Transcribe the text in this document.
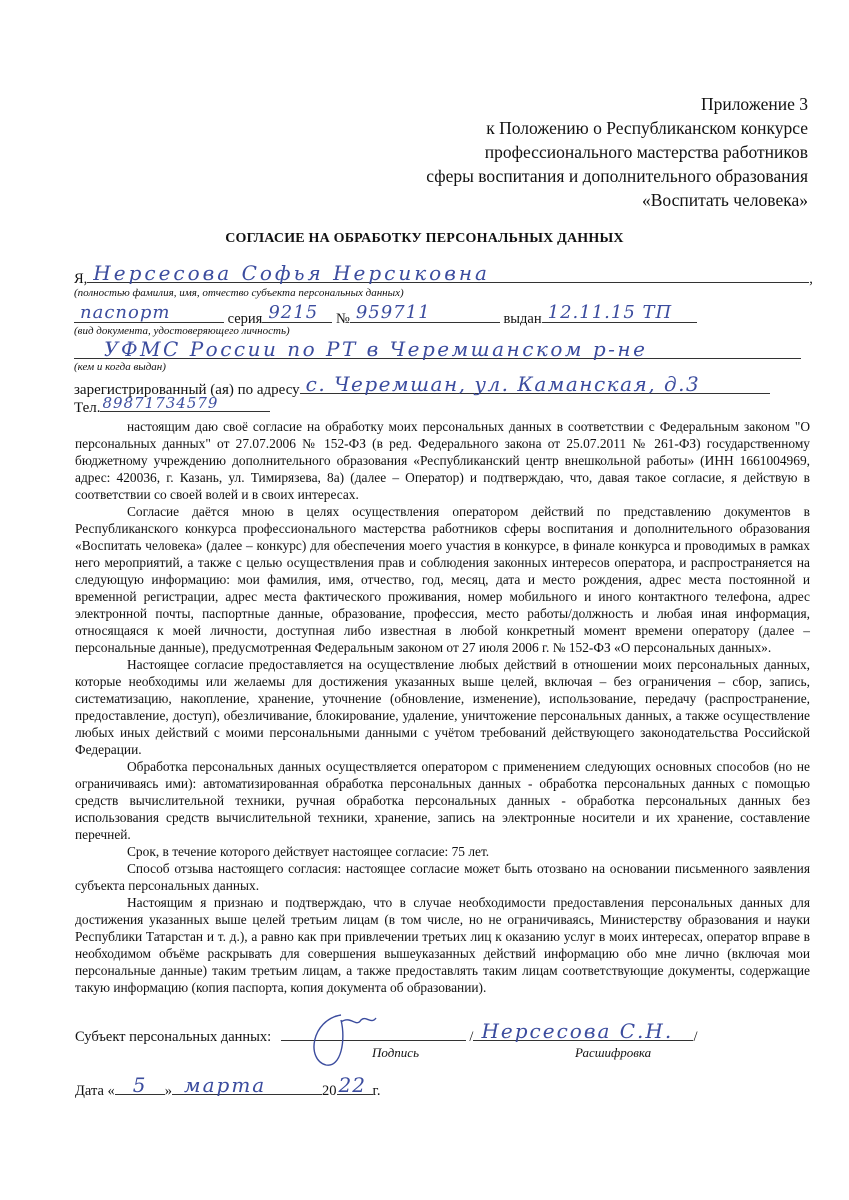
Приложение 3
к Положению о Республиканском конкурсе
профессионального мастерства работников
сферы воспитания и дополнительного образования
«Воспитать человека»
СОГЛАСИЕ НА ОБРАБОТКУ ПЕРСОНАЛЬНЫХ ДАННЫХ
Я, Нерсесова Софья Нерсиковна	,
(полностью фамилия, имя, отчество субъекта персональных данных)
паспорт	серия 9215 № 959711	выдан 12.11.15 ТП
(вид документа, удостоверяющего личность)
УФМС России по РТ в Черемшанском р-не
(кем и когда выдан)
зарегистрированный (ая) по адресу с. Черемшан, ул. Каманская, д.3
Тел. 89871734579

настоящим даю своё согласие на обработку моих персональных данных в соответствии с Федеральным законом "О персональных данных" от 27.07.2006 № 152-ФЗ (в ред. Федерального закона от 25.07.2011 № 261-ФЗ) государственному бюджетному учреждению дополнительного образования «Республиканский центр внешкольной работы» (ИНН 1661004969, адрес: 420036, г. Казань, ул. Тимирязева, 8а) (далее – Оператор) и подтверждаю, что, давая такое согласие, я действую в соответствии со своей волей и в своих интересах.

Согласие даётся мною в целях осуществления оператором действий по представлению документов в Республиканского конкурса профессионального мастерства работников сферы воспитания и дополнительного образования «Воспитать человека» (далее – конкурс) для обеспечения моего участия в конкурсе, в финале конкурса и проводимых в рамках него мероприятий, а также с целью осуществления прав и соблюдения законных интересов оператора, и распространяется на следующую информацию: мои фамилия, имя, отчество, год, месяц, дата и место рождения, адрес места постоянной и временной регистрации, адрес места фактического проживания, номер мобильного и иного контактного телефона, адрес электронной почты, паспортные данные, образование, профессия, место работы/должность и любая иная информация, относящаяся к моей личности, доступная либо известная в любой конкретный момент времени оператору (далее – персональные данные), предусмотренная Федеральным законом от 27 июля 2006 г. № 152-ФЗ «О персональных данных».

Настоящее согласие предоставляется на осуществление любых действий в отношении моих персональных данных, которые необходимы или желаемы для достижения указанных выше целей, включая – без ограничения – сбор, запись, систематизацию, накопление, хранение, уточнение (обновление, изменение), использование, передачу (распространение, предоставление, доступ), обезличивание, блокирование, удаление, уничтожение персональных данных, а также осуществление любых иных действий с моими персональными данными с учётом требований действующего законодательства Российской Федерации.

Обработка персональных данных осуществляется оператором с применением следующих основных способов (но не ограничиваясь ими): автоматизированная обработка персональных данных - обработка персональных данных с помощью средств вычислительной техники, ручная обработка персональных данных - обработка персональных данных без использования средств вычислительной техники, хранение, запись на электронные носители и их хранение, составление перечней.

Срок, в течение которого действует настоящее согласие: 75 лет.

Способ отзыва настоящего согласия: настоящее согласие может быть отозвано на основании письменного заявления субъекта персональных данных.

Настоящим я признаю и подтверждаю, что в случае необходимости предоставления персональных данных для достижения указанных выше целей третьим лицам (в том числе, но не ограничиваясь, Министерству образования и науки Республики Татарстан и т. д.), а равно как при привлечении третьих лиц к оказанию услуг в моих интересах, оператор вправе в необходимом объёме раскрывать для совершения вышеуказанных действий информацию обо мне лично (включая мои персональные данные) таким третьим лицам, а также предоставлять таким лицам соответствующие документы, содержащие такую информацию (копия паспорта, копия документа об образовании).

Субъект персональных данных:	/ Нерсесова С.Н. /
Подпись	Расшифровка
Дата « 5 » марта	20 22 г.
